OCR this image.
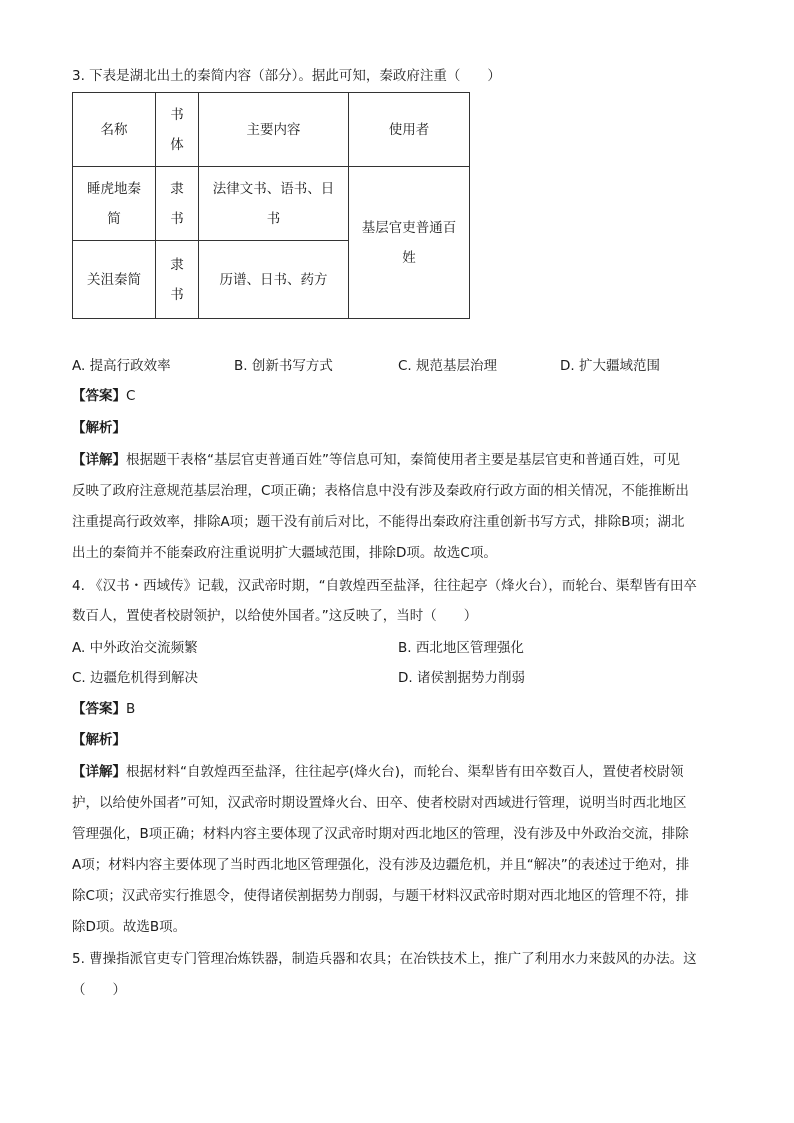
3. 下表是湖北出土的秦简内容（部分）。据此可知，秦政府注重（　　）
名称	书体	主要内容	使用者
睡虎地秦简	隶书	法律文书、语书、日书	基层官吏普通百姓
关沮秦简	隶书	历谱、日书、药方	
A. 提高行政效率	B. 创新书写方式	C. 规范基层治理	D. 扩大疆域范围
【答案】C
【解析】
【详解】根据题干表格“基层官吏普通百姓”等信息可知，秦简使用者主要是基层官吏和普通百姓，可见
反映了政府注意规范基层治理，C项正确；表格信息中没有涉及秦政府行政方面的相关情况，不能推断出
注重提高行政效率，排除A项；题干没有前后对比，不能得出秦政府注重创新书写方式，排除B项；湖北
出土的秦简并不能秦政府注重说明扩大疆域范围，排除D项。故选C项。
4. 《汉书・西域传》记载，汉武帝时期，“自敦煌西至盐泽，往往起亭（烽火台），而轮台、渠犁皆有田卒
数百人，置使者校尉领护，以给使外国者。”这反映了，当时（　　）
A. 中外政治交流频繁	B. 西北地区管理强化
C. 边疆危机得到解决	D. 诸侯割据势力削弱
【答案】B
【解析】
【详解】根据材料“自敦煌西至盐泽，往往起亭(烽火台)，而轮台、渠犁皆有田卒数百人，置使者校尉领
护，以给使外国者”可知，汉武帝时期设置烽火台、田卒、使者校尉对西域进行管理，说明当时西北地区
管理强化，B项正确；材料内容主要体现了汉武帝时期对西北地区的管理，没有涉及中外政治交流，排除
A项；材料内容主要体现了当时西北地区管理强化，没有涉及边疆危机，并且“解决”的表述过于绝对，排
除C项；汉武帝实行推恩令，使得诸侯割据势力削弱，与题干材料汉武帝时期对西北地区的管理不符，排
除D项。故选B项。
5. 曹操指派官吏专门管理冶炼铁器，制造兵器和农具；在冶铁技术上，推广了利用水力来鼓风的办法。这
（　　）
